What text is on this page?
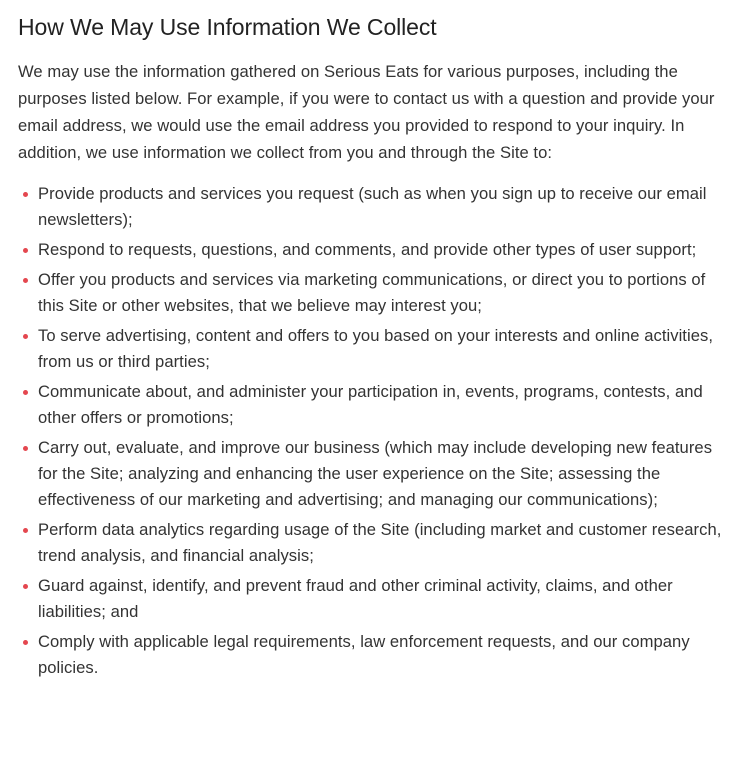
How We May Use Information We Collect

We may use the information gathered on Serious Eats for various purposes, including the purposes listed below. For example, if you were to contact us with a question and provide your email address, we would use the email address you provided to respond to your inquiry. In addition, we use information we collect from you and through the Site to:

Provide products and services you request (such as when you sign up to receive our email newsletters);
Respond to requests, questions, and comments, and provide other types of user support;
Offer you products and services via marketing communications, or direct you to portions of this Site or other websites, that we believe may interest you;
To serve advertising, content and offers to you based on your interests and online activities, from us or third parties;
Communicate about, and administer your participation in, events, programs, contests, and other offers or promotions;
Carry out, evaluate, and improve our business (which may include developing new features for the Site; analyzing and enhancing the user experience on the Site; assessing the effectiveness of our marketing and advertising; and managing our communications);
Perform data analytics regarding usage of the Site (including market and customer research, trend analysis, and financial analysis;
Guard against, identify, and prevent fraud and other criminal activity, claims, and other liabilities; and
Comply with applicable legal requirements, law enforcement requests, and our company policies.
